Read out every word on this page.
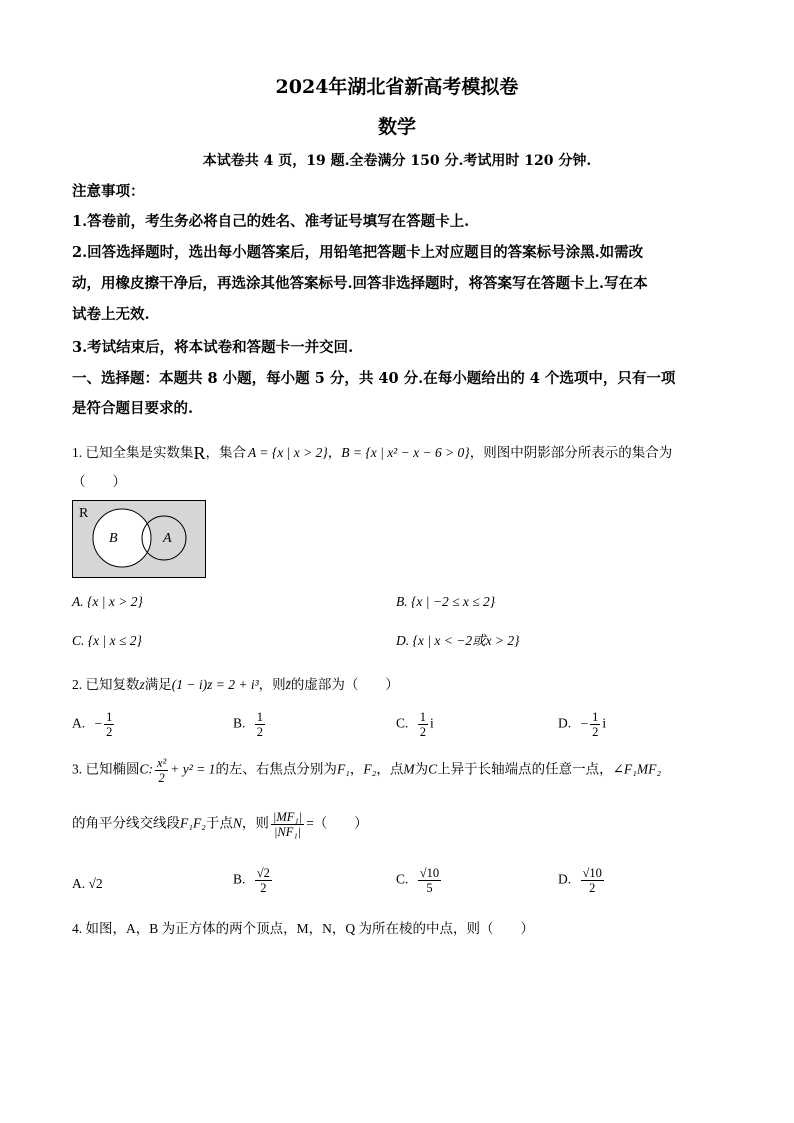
2024年湖北省新高考模拟卷
数学
本试卷共 4 页，19 题.全卷满分 150 分.考试用时 120 分钟.
注意事项：
1.答卷前，考生务必将自己的姓名、准考证号填写在答题卡上.
2.回答选择题时，选出每小题答案后，用铅笔把答题卡上对应题目的答案标号涂黑.如需改
动，用橡皮擦干净后，再选涂其他答案标号.回答非选择题时，将答案写在答题卡上.写在本
试卷上无效.
3.考试结束后，将本试卷和答题卡一并交回.
一、选择题：本题共 8 小题，每小题 5 分，共 40 分.在每小题给出的 4 个选项中，只有一项
是符合题目要求的.
1. 已知全集是实数集R，集合 A = {x | x > 2}，B = {x | x² − x − 6 > 0}，则图中阴影部分所表示的集合为
（　　）
R
B	A
A. {x | x > 2}	B. {x | −2 ≤ x ≤ 2}
C. {x | x ≤ 2}	D. {x | x < −2或x > 2}
2. 已知复数z满足(1 − i)z = 2 + i³，则z̄的虚部为（　　）
A. − $\frac{1}{2}$	B. $\frac{1}{2}$	C. $\frac{1}{2}$ i	D. − $\frac{1}{2}$ i
3. 已知椭圆C: $\frac{\text{x²}}{2} + y^2 = 1$的左、右焦点分别为F₁，F₂，点M为C上异于长轴端点的任意一点，∠F₁MF₂
的角平分线交线段F₁F₂于点N，则 $\frac{\text{|MF₁|}}{\text{|NF₁|}}$ =（　　）
A. √2	B. $\frac{√2}{2}$	C. $\frac{√10}{5}$	D. $\frac{√10}{2}$
4. 如图，A，B 为正方体的两个顶点，M，N，Q 为所在棱的中点，则（　　）
